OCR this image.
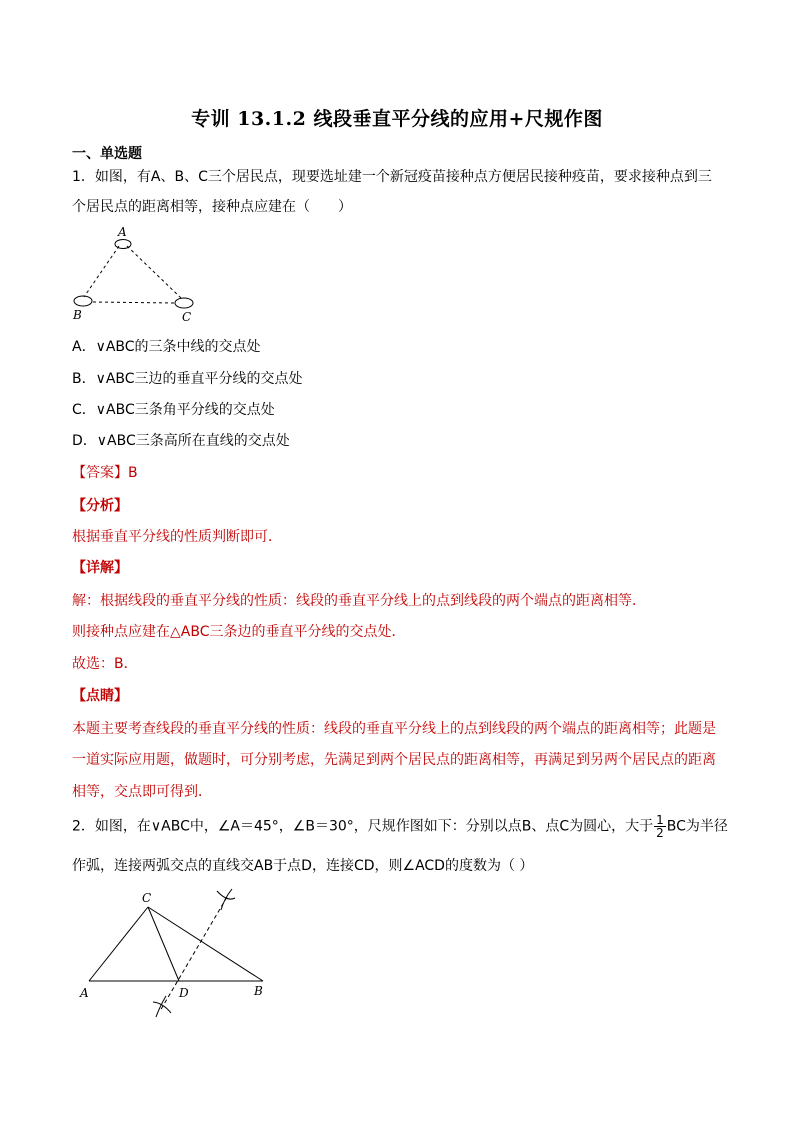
专训 13.1.2 线段垂直平分线的应用+尺规作图
一、单选题
1．如图，有A、B、C三个居民点，现要选址建一个新冠疫苗接种点方便居民接种疫苗，要求接种点到三
个居民点的距离相等，接种点应建在（　　）
A
B	C
A．∨ABC的三条中线的交点处
B．∨ABC三边的垂直平分线的交点处
C．∨ABC三条角平分线的交点处
D．∨ABC三条高所在直线的交点处
【答案】B
【分析】
根据垂直平分线的性质判断即可．
【详解】
解：根据线段的垂直平分线的性质：线段的垂直平分线上的点到线段的两个端点的距离相等．
则接种点应建在△ABC三条边的垂直平分线的交点处．
故选：B．
【点睛】
本题主要考查线段的垂直平分线的性质：线段的垂直平分线上的点到线段的两个端点的距离相等；此题是
一道实际应用题，做题时，可分别考虑，先满足到两个居民点的距离相等，再满足到另两个居民点的距离
相等，交点即可得到．
2．如图，在∨ABC中，∠A＝45°，∠B＝30°，尺规作图如下：分别以点B、点C为圆心，大于 $\frac{1}{2}$ BC为半径
作弧，连接两弧交点的直线交AB于点D，连接CD，则∠ACD的度数为（ ）
C
A	D	B
